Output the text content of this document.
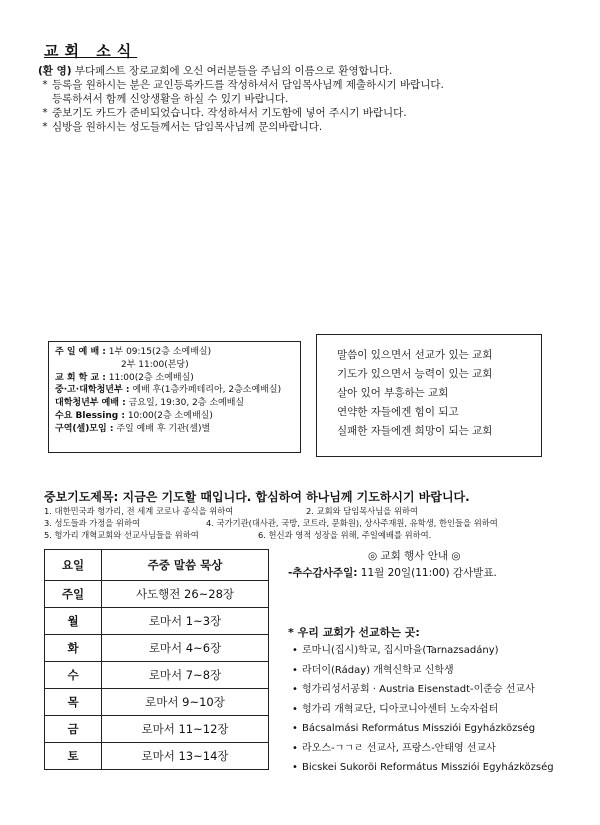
교회 소식
(환 영) 부다페스트 장로교회에 오신 여러분들을 주님의 이름으로 환영합니다.
* 등록을 원하시는 분은 교인등록카드를 작성하셔서 담임목사님께 제출하시기 바랍니다.
등록하셔서 함께 신앙생활을 하실 수 있기 바랍니다.
* 중보기도 카드가 준비되었습니다. 작성하셔서 기도함에 넣어 주시기 바랍니다.
* 심방을 원하시는 성도들께서는 담임목사님께 문의바랍니다.
주 일 예 배 : 1부 09:15(2층 소예배실)
2부 11:00(본당)
교 회 학 교 : 11:00(2층 소예배실)
중·고·대학청년부 : 예배 후(1층카페테리아, 2층소예배실)
대학청년부 예배 : 금요일, 19:30, 2층 소예배실
수요 Blessing : 10:00(2층 소예배실)
구역(셀)모임 : 주일 예배 후 기관(셀)별
말씀이 있으면서 선교가 있는 교회
기도가 있으면서 능력이 있는 교회
살아 있어 부흥하는 교회
연약한 자들에겐 힘이 되고
실패한 자들에겐 희망이 되는 교회
중보기도제목: 지금은 기도할 때입니다. 합심하여 하나님께 기도하시기 바랍니다.
1. 대한민국과 헝가리, 전 세계 코로나 종식을 위하여	2. 교회와 담임목사님을 위하여
3. 성도들과 가정을 위하여	4. 국가기관(대사관, 국방, 코트라, 문화원), 상사주재원, 유학생, 한인들을 위하여
5. 헝가리 개혁교회와 선교사님들을 위하여	6. 헌신과 영적 성장을 위해, 주일예배를 위하여.
요일	주중 말씀 묵상
주일	사도행전 26~28장
월	로마서 1~3장
화	로마서 4~6장
수	로마서 7~8장
목	로마서 9~10장
금	로마서 11~12장
토	로마서 13~14장
◎ 교회 행사 안내 ◎
-추수감사주일: 11월 20일(11:00) 감사발표.
* 우리 교회가 선교하는 곳:
• 로마니(집시)학교, 집시마을(Tarnazsadány)
• 라더이(Ráday) 개혁신학교 신학생
• 헝가리성서공회 · Austria Eisenstadt-이준승 선교사
• 헝가리 개혁교단, 디아코니아센터 노숙자쉼터
• Bácsalmási Református Missziói Egyházközség
• 라오스-ㄱㄱㄹ 선교사, 프랑스-안태영 선교사
• Bicskei Sukoröi Református Missziói Egyházközség
